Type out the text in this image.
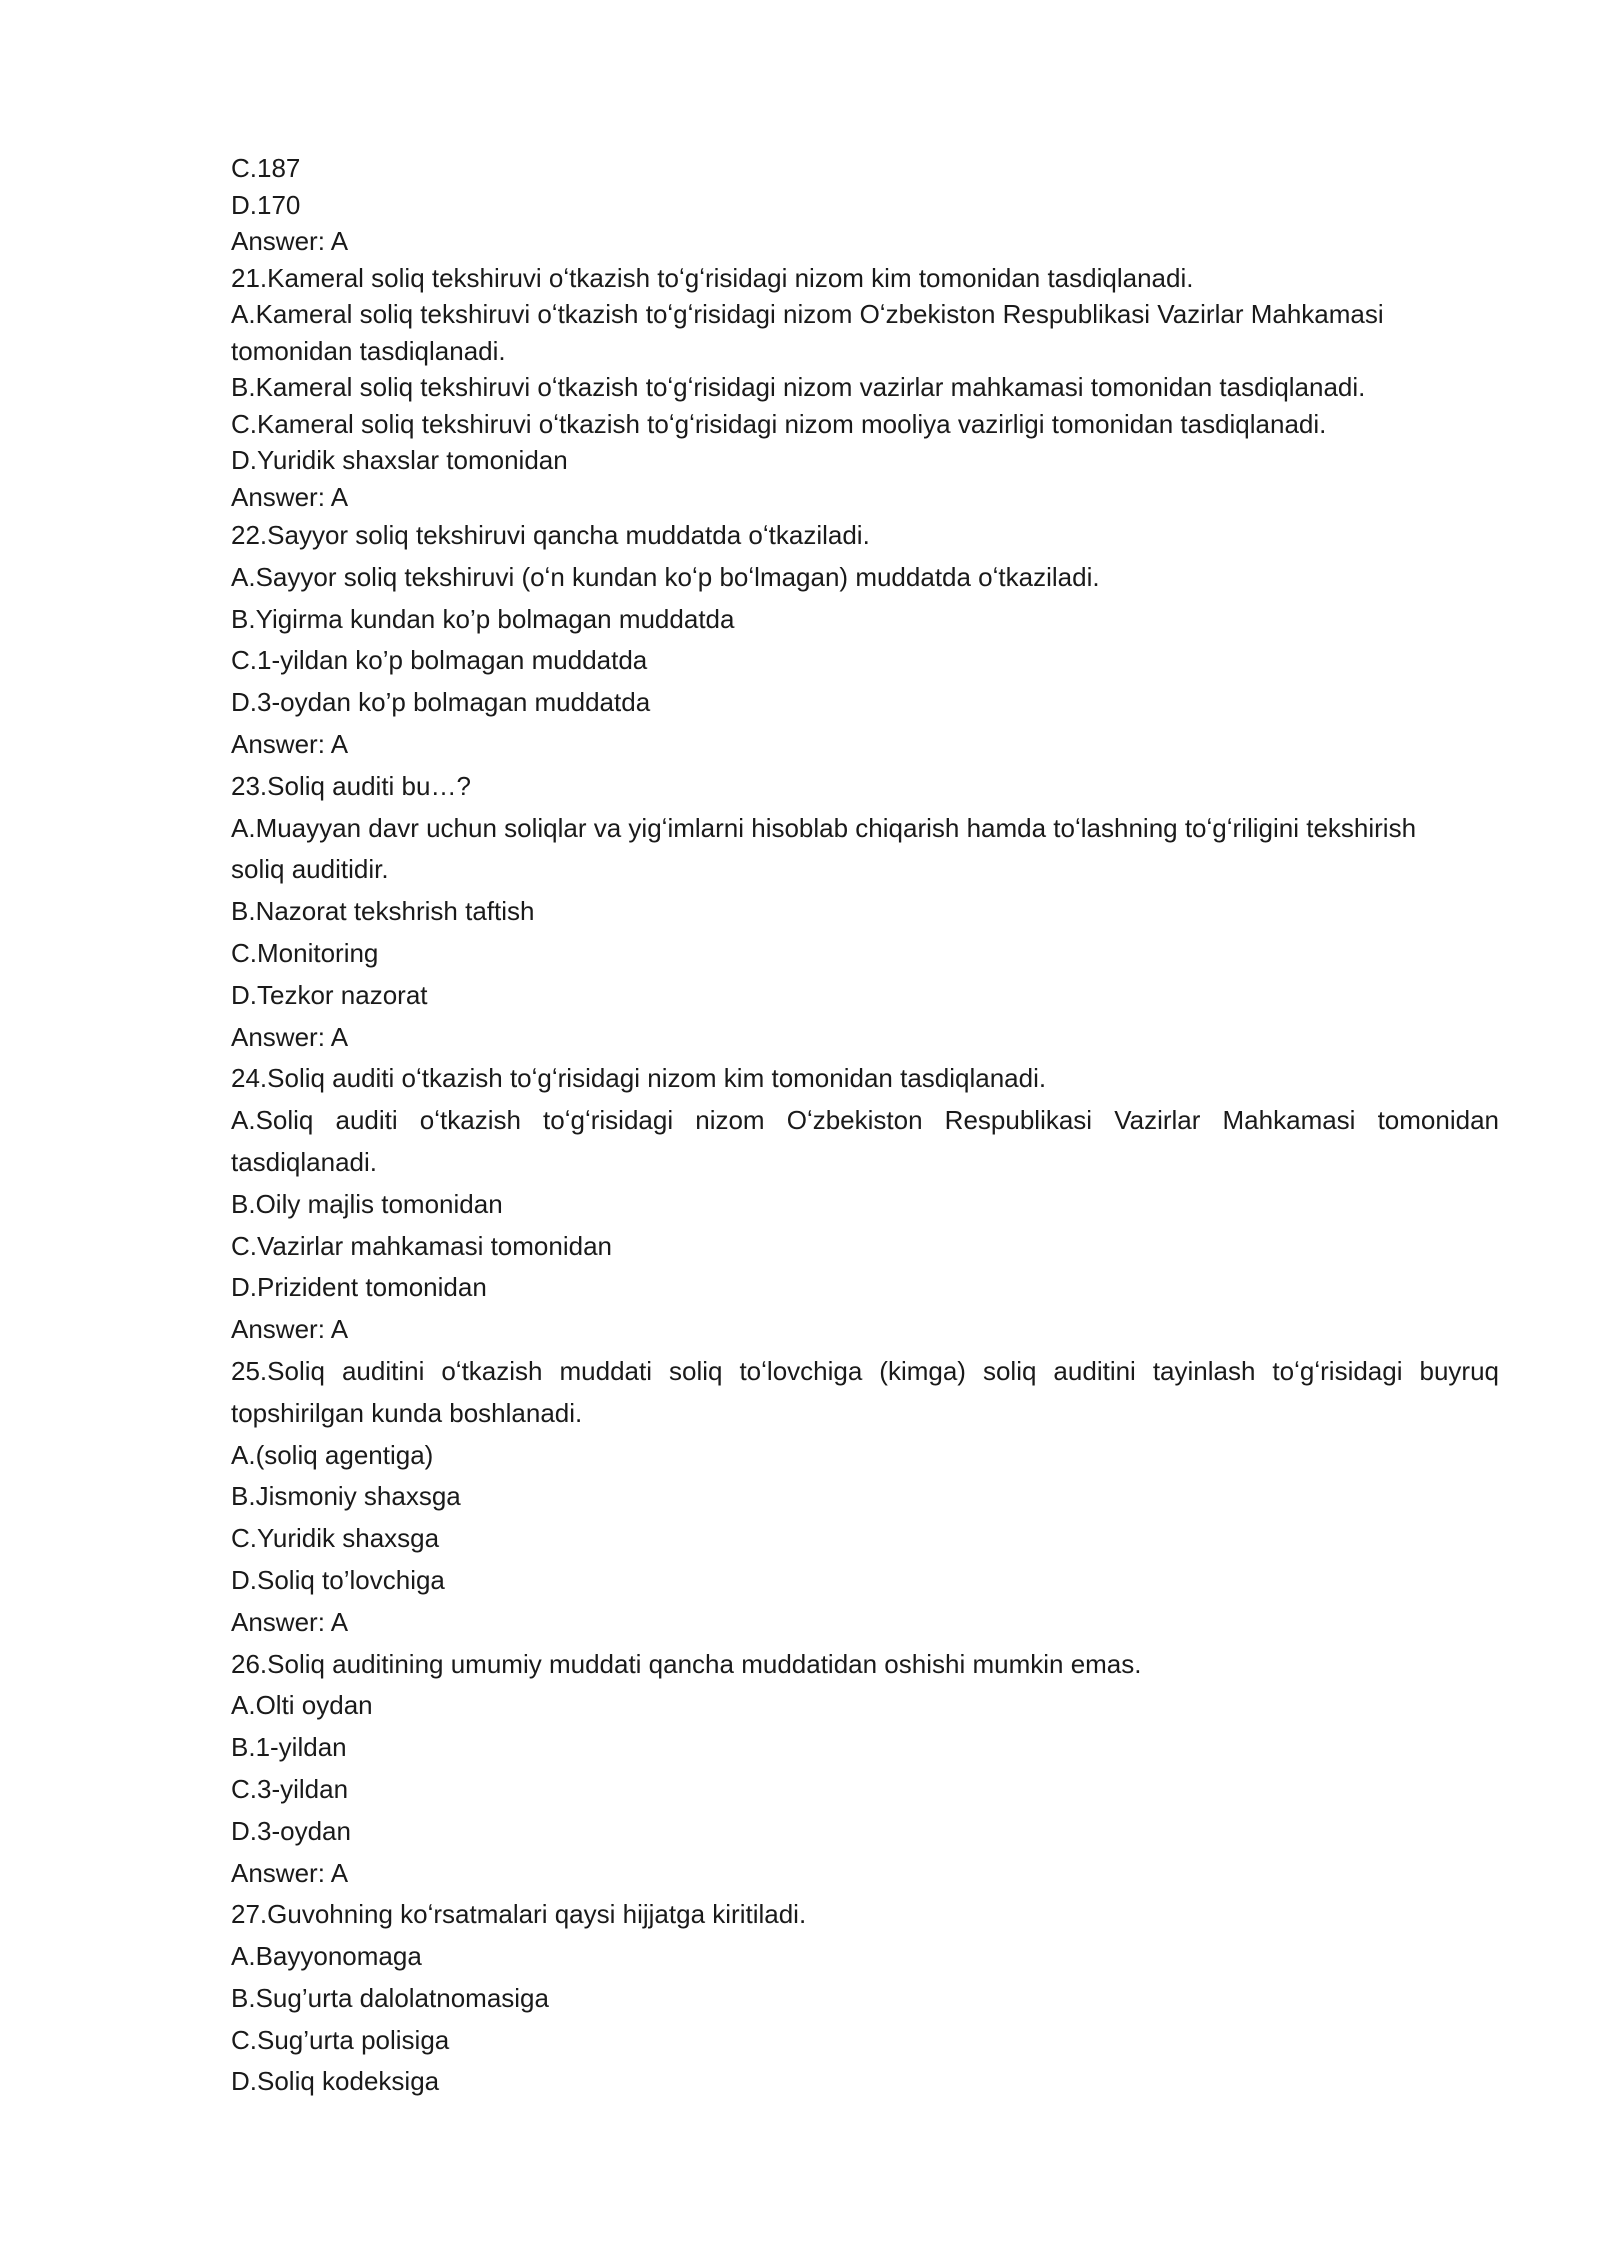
C.187
D.170
Answer: A
21.Kameral soliq tekshiruvi oʻtkazish toʻgʻrisidagi nizom kim tomonidan tasdiqlanadi.
A.Kameral soliq tekshiruvi oʻtkazish toʻgʻrisidagi nizom Oʻzbekiston Respublikasi Vazirlar Mahkamasi
tomonidan tasdiqlanadi.
B.Kameral soliq tekshiruvi oʻtkazish toʻgʻrisidagi nizom vazirlar mahkamasi tomonidan tasdiqlanadi.
C.Kameral soliq tekshiruvi oʻtkazish toʻgʻrisidagi nizom mooliya vazirligi tomonidan tasdiqlanadi.
D.Yuridik shaxslar tomonidan
Answer: A
22.Sayyor soliq tekshiruvi qancha muddatda oʻtkaziladi.
A.Sayyor soliq tekshiruvi (oʻn kundan koʻp boʻlmagan) muddatda oʻtkaziladi.
B.Yigirma kundan ko’p bolmagan muddatda
C.1-yildan ko’p bolmagan muddatda
D.3-oydan ko’p bolmagan muddatda
Answer: A
23.Soliq auditi bu…?
A.Muayyan davr uchun soliqlar va yigʻimlarni hisoblab chiqarish hamda toʻlashning toʻgʻriligini tekshirish
soliq auditidir.
B.Nazorat tekshrish taftish
C.Monitoring
D.Tezkor nazorat
Answer: A
24.Soliq auditi oʻtkazish toʻgʻrisidagi nizom kim tomonidan tasdiqlanadi.
A.Soliq auditi oʻtkazish toʻgʻrisidagi nizom Oʻzbekiston Respublikasi Vazirlar Mahkamasi tomonidan
tasdiqlanadi.
B.Oily majlis tomonidan
C.Vazirlar mahkamasi tomonidan
D.Prizident tomonidan
Answer: A
25.Soliq auditini oʻtkazish muddati soliq toʻlovchiga (kimga) soliq auditini tayinlash toʻgʻrisidagi buyruq
topshirilgan kunda boshlanadi.
A.(soliq agentiga)
B.Jismoniy shaxsga
C.Yuridik shaxsga
D.Soliq to’lovchiga
Answer: A
26.Soliq auditining umumiy muddati qancha muddatidan oshishi mumkin emas.
A.Olti oydan
B.1-yildan
C.3-yildan
D.3-oydan
Answer: A
27.Guvohning koʻrsatmalari qaysi hijjatga kiritiladi.
A.Bayyonomaga
B.Sug’urta dalolatnomasiga
C.Sug’urta polisiga
D.Soliq kodeksiga
